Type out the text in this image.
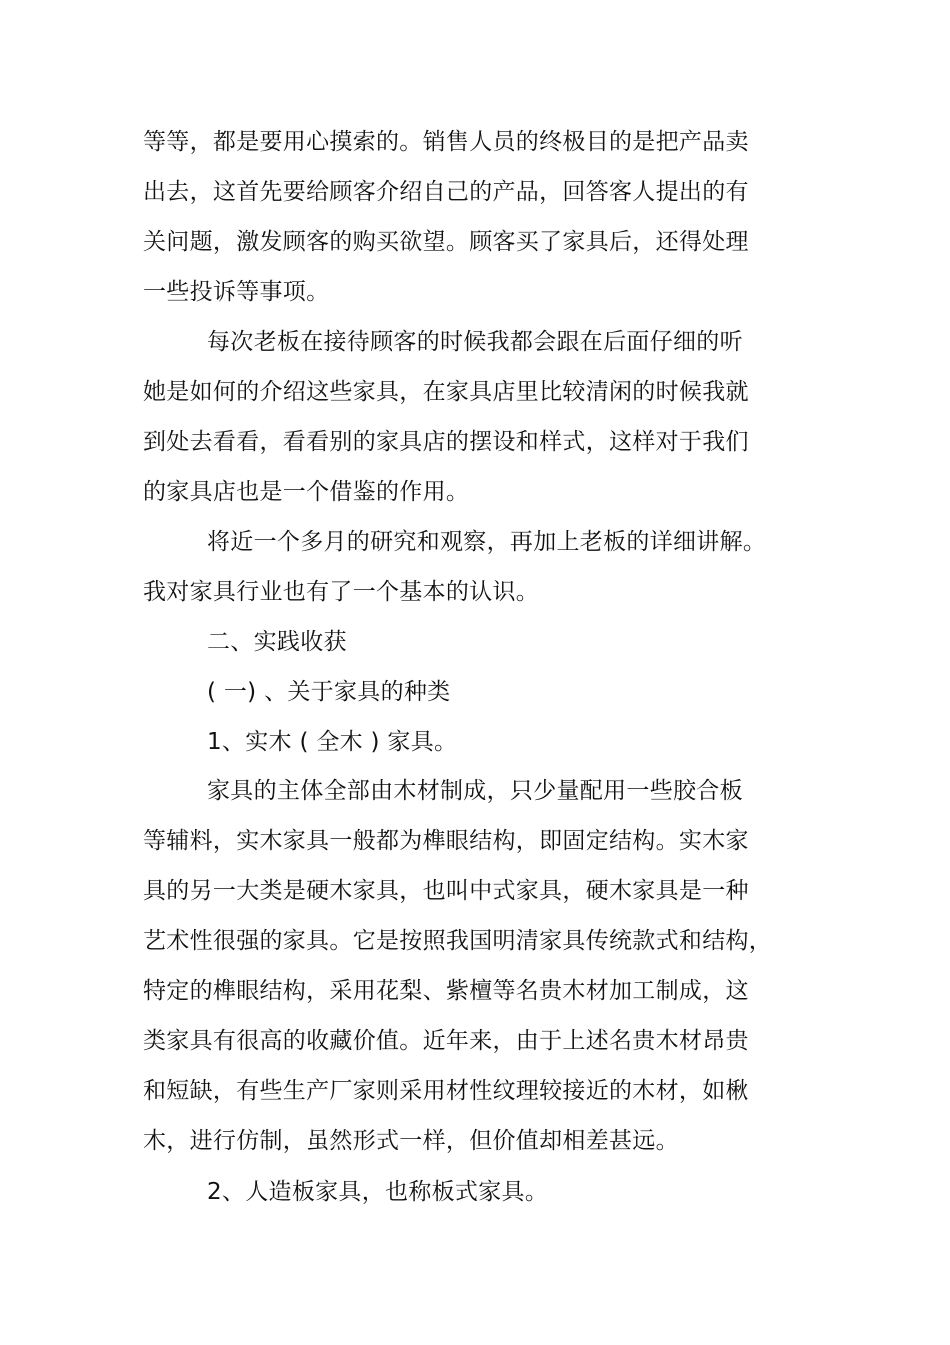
等等，都是要用心摸索的。销售人员的终极目的是把产品卖
出去，这首先要给顾客介绍自己的产品，回答客人提出的有
关问题，激发顾客的购买欲望。顾客买了家具后，还得处理
一些投诉等事项。
每次老板在接待顾客的时候我都会跟在后面仔细的听
她是如何的介绍这些家具，在家具店里比较清闲的时候我就
到处去看看，看看别的家具店的摆设和样式，这样对于我们
的家具店也是一个借鉴的作用。
将近一个多月的研究和观察，再加上老板的详细讲解。
我对家具行业也有了一个基本的认识。
二、实践收获
( 一) 、关于家具的种类
1、实木 ( 全木 ) 家具。
家具的主体全部由木材制成，只少量配用一些胶合板
等辅料，实木家具一般都为榫眼结构，即固定结构。实木家
具的另一大类是硬木家具，也叫中式家具，硬木家具是一种
艺术性很强的家具。它是按照我国明清家具传统款式和结构，
特定的榫眼结构，采用花梨、紫檀等名贵木材加工制成，这
类家具有很高的收藏价值。近年来，由于上述名贵木材昂贵
和短缺，有些生产厂家则采用材性纹理较接近的木材，如楸
木，进行仿制，虽然形式一样，但价值却相差甚远。
2、人造板家具，也称板式家具。
